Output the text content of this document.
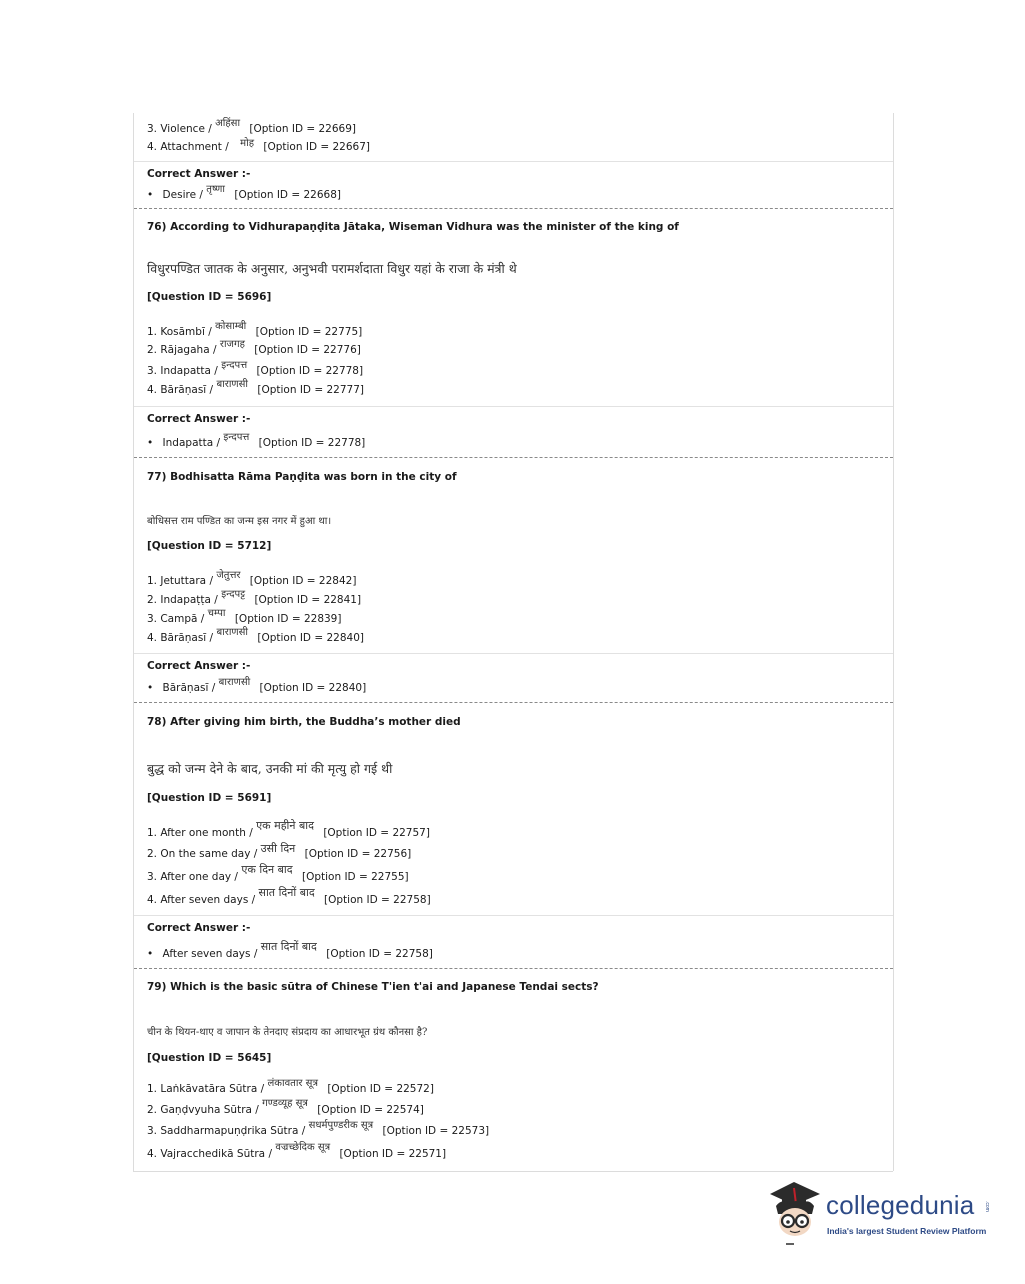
3. Violence / अहिंसा [Option ID = 22669]
4. Attachment / मोह [Option ID = 22667]
Correct Answer :-
• Desire / तृष्णा [Option ID = 22668]
76) According to Vidhurapaṇḍita Jātaka, Wiseman Vidhura was the minister of the king of
विधुरपण्डित जातक के अनुसार, अनुभवी परामर्शदाता विधुर यहां के राजा के मंत्री थे
[Question ID = 5696]
1. Kosāmbī / कोसाम्बी [Option ID = 22775]
2. Rājagaha / राजगह [Option ID = 22776]
3. Indapatta / इन्दपत्त [Option ID = 22778]
4. Bārāṇasī / बाराणसी [Option ID = 22777]
Correct Answer :-
• Indapatta / इन्दपत्त [Option ID = 22778]
77) Bodhisatta Rāma Paṇḍita was born in the city of
बोधिसत्त राम पण्डित का जन्म इस नगर में हुआ था।
[Question ID = 5712]
1. Jetuttara / जेतुत्तर [Option ID = 22842]
2. Indapaṭṭa / इन्दपट्ट [Option ID = 22841]
3. Campā / चम्पा [Option ID = 22839]
4. Bārāṇasī / बाराणसी [Option ID = 22840]
Correct Answer :-
• Bārāṇasī / बाराणसी [Option ID = 22840]
78) After giving him birth, the Buddha’s mother died
बुद्ध को जन्म देने के बाद, उनकी मां की मृत्यु हो गई थी
[Question ID = 5691]
1. After one month / एक महीने बाद [Option ID = 22757]
2. On the same day / उसी दिन [Option ID = 22756]
3. After one day / एक दिन बाद [Option ID = 22755]
4. After seven days / सात दिनों बाद [Option ID = 22758]
Correct Answer :-
• After seven days / सात दिनों बाद [Option ID = 22758]
79) Which is the basic sūtra of Chinese T'ien t'ai and Japanese Tendai sects?
चीन के थियन-थाए व जापान के तेनदाए संप्रदाय का आधारभूत ग्रंथ कौनसा है?
[Question ID = 5645]
1. Laṅkāvatāra Sūtra / लंकावतार सूत्र [Option ID = 22572]
2. Gaṇḍvyuha Sūtra / गण्डव्यूह सूत्र [Option ID = 22574]
3. Saddharmapuṇḍrika Sūtra / सधर्मपुण्डरीक सूत्र [Option ID = 22573]
4. Vajracchedikā Sūtra / वज्रच्छेदिक सूत्र [Option ID = 22571]
collegedunia .com
India's largest Student Review Platform
